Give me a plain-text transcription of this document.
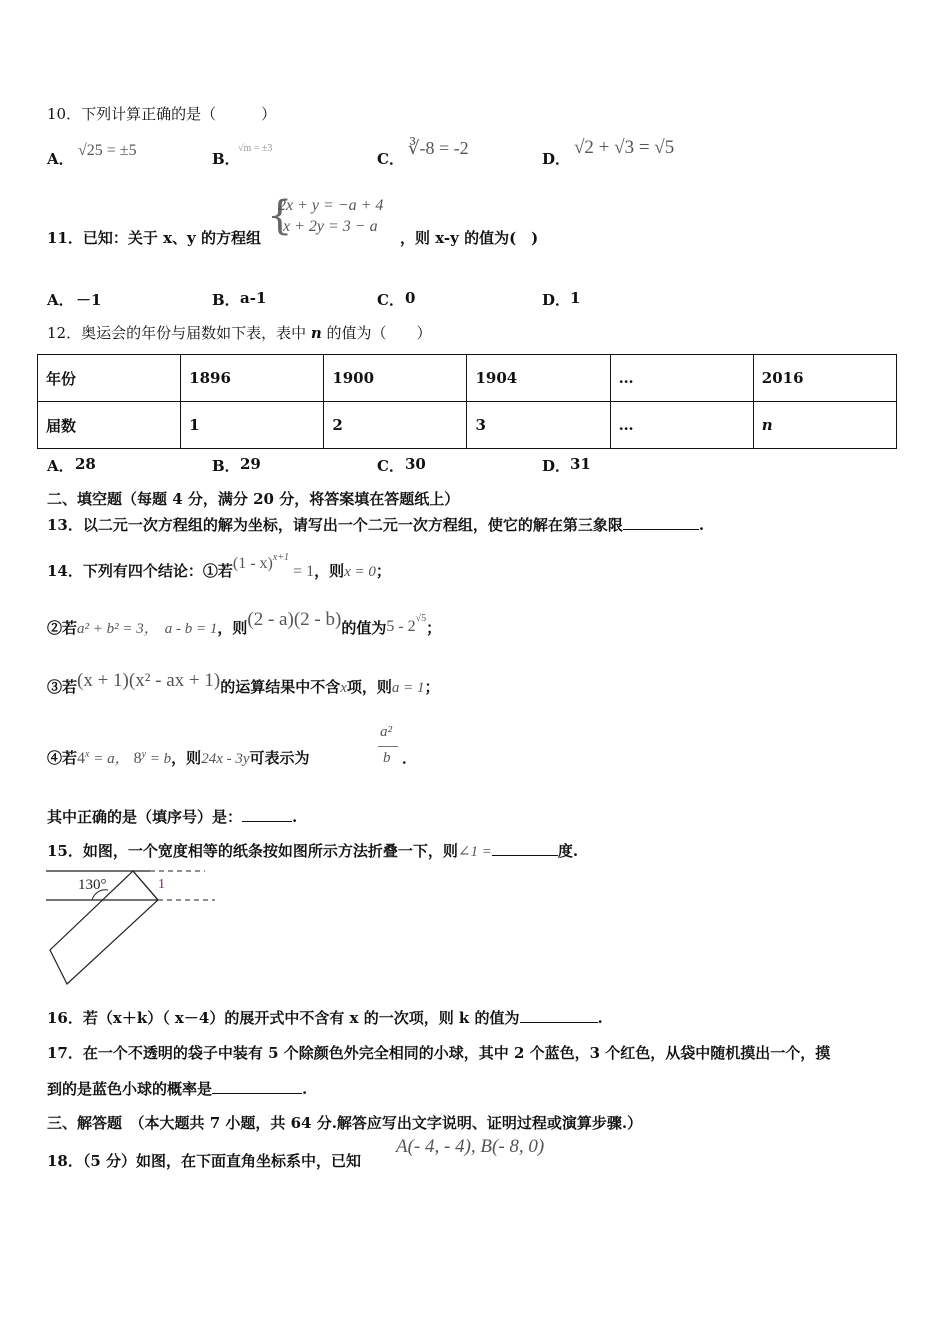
10．下列计算正确的是（　　　）
A． √25 = ±5	B．
√m = ±3
C．
∛-8 = -2
D．
√2 + √3 = √5
11．已知：关于 x、y 的方程组 {
2x + y = −a + 4
x + 2y = 3 − a
，则 x-y 的值为(　)
A． －1	B． a-1	C． 0	D． 1
12．奥运会的年份与届数如下表，表中 n 的值为（　　）
年份	1896	1900	1904	…	2016
届数	1	2	3	…	n
A． 28	B． 29	C． 30	D． 31
二、填空题（每题 4 分，满分 20 分，将答案填在答题纸上）
13．以二元一次方程组的解为坐标，请写出一个二元一次方程组，使它的解在第三象限	.
14．下列有四个结论：①若(1 - x)$^{x+1}$ = 1，则x = 0；
②若a² + b² = 3， a - b = 1，则(2 - a)(2 - b)的值为$5 - 2^{√5}$；
③若(x + 1)(x² - ax + 1)的运算结果中不含x项，则a = 1；
④若$4^x = a$， $8^y = b$，则24x - 3y可表示为
a²
b ．
其中正确的是（填序号）是：	.
15．如图，一个宽度相等的纸条按如图所示方法折叠一下，则∠1 =	度.
130°	1
16．若（x＋k）（ x－4）的展开式中不含有 x 的一次项，则 k 的值为	.
17．在一个不透明的袋子中装有 5 个除颜色外完全相同的小球，其中 2 个蓝色，3 个红色，从袋中随机摸出一个，摸
到的是蓝色小球的概率是	.
三、解答题　（本大题共 7 小题，共 64 分.解答应写出文字说明、证明过程或演算步骤.）
18．（5 分）如图，在下面直角坐标系中，已知
A(- 4, - 4), B(- 8, 0)
